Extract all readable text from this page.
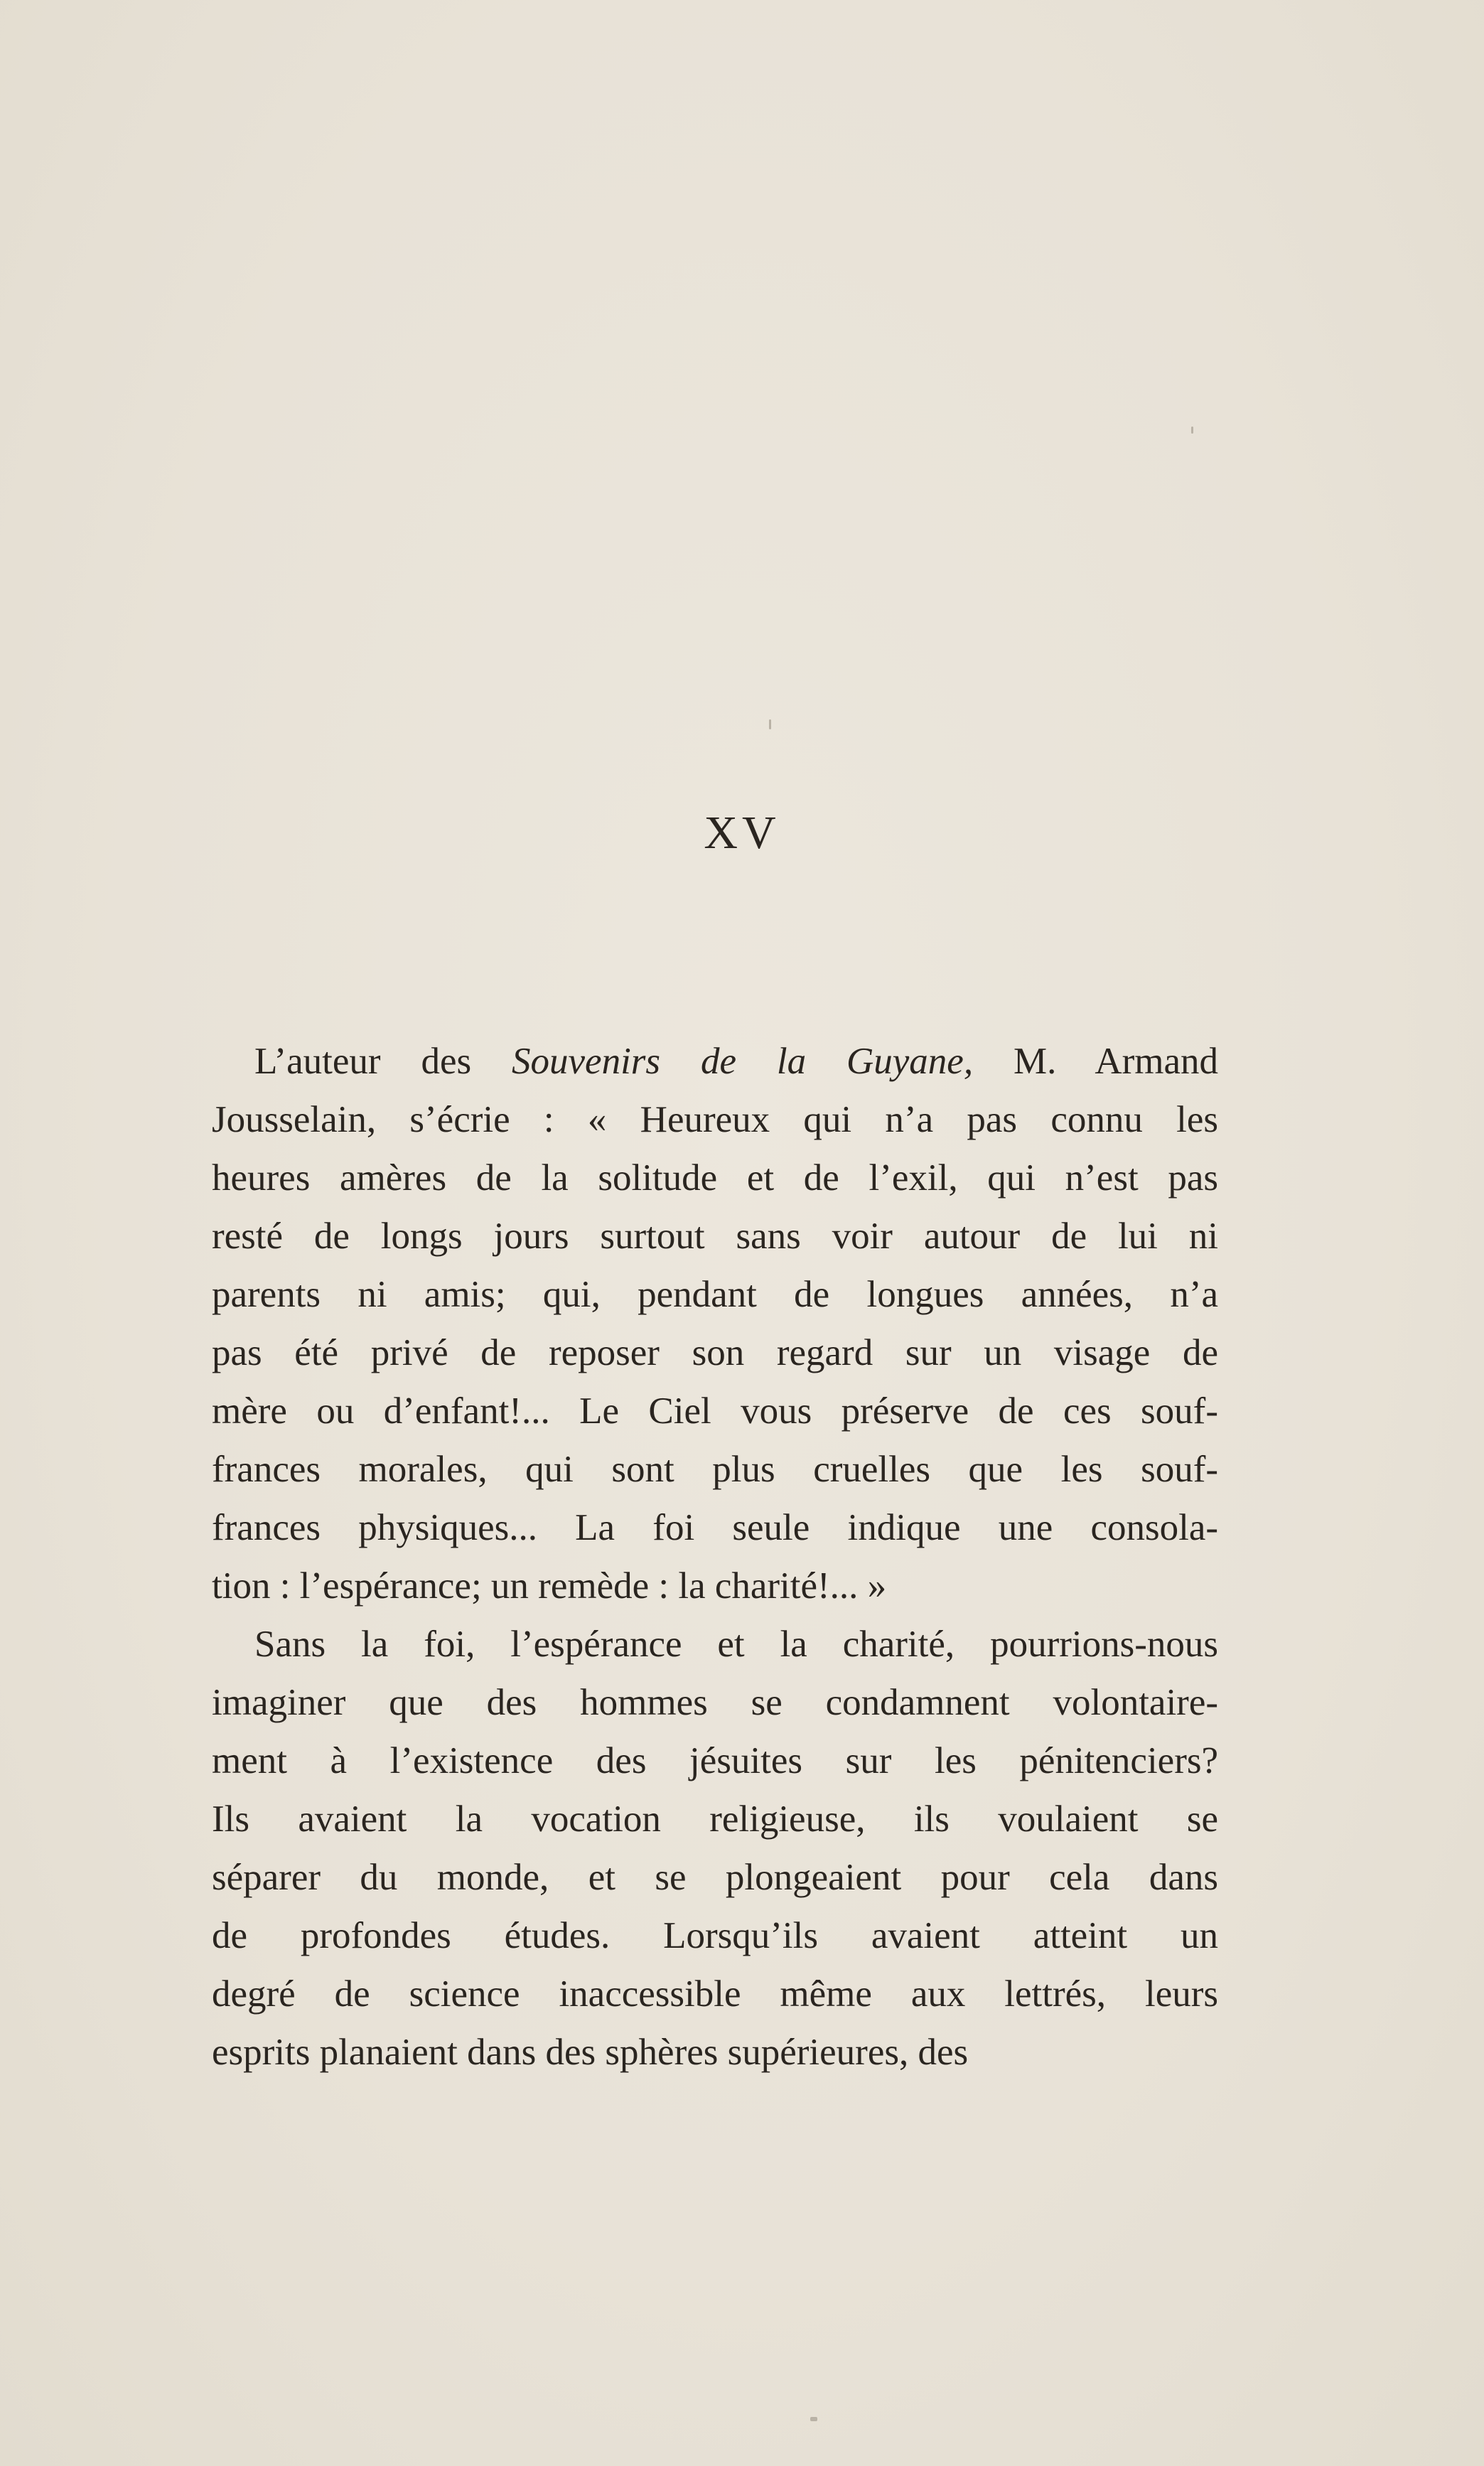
XV
L’auteur des Souvenirs de la Guyane, M. Armand
Jousselain, s’écrie : « Heureux qui n’a pas connu les
heures amères de la solitude et de l’exil, qui n’est pas
resté de longs jours surtout sans voir autour de lui ni
parents ni amis; qui, pendant de longues années, n’a
pas été privé de reposer son regard sur un visage de
mère ou d’enfant!... Le Ciel vous préserve de ces souf-
frances morales, qui sont plus cruelles que les souf-
frances physiques... La foi seule indique une consola-
tion : l’espérance; un remède : la charité!... »
Sans la foi, l’espérance et la charité, pourrions-nous
imaginer que des hommes se condamnent volontaire-
ment à l’existence des jésuites sur les pénitenciers?
Ils avaient la vocation religieuse, ils voulaient se
séparer du monde, et se plongeaient pour cela dans
de profondes études. Lorsqu’ils avaient atteint un
degré de science inaccessible même aux lettrés, leurs
esprits planaient dans des sphères supérieures, des
